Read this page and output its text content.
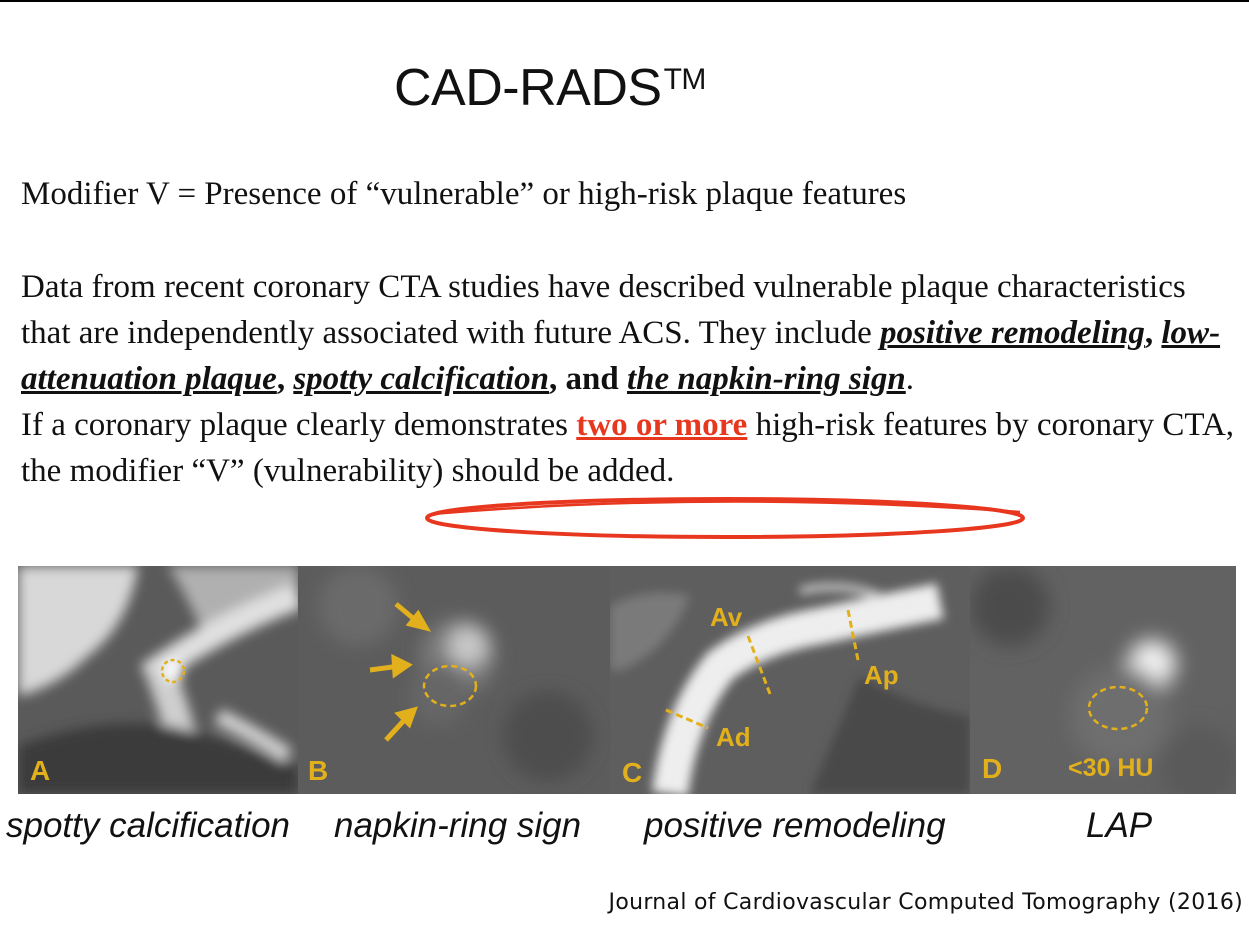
CAD-RADS™
Modifier V = Presence of “vulnerable” or high-risk plaque features
Data from recent coronary CTA studies have described vulnerable plaque characteristics that are independently associated with future ACS. They include positive remodeling, low-attenuation plaque, spotty calcification, and the napkin-ring sign.
If a coronary plaque clearly demonstrates two or more high-risk features by coronary CTA, the modifier “V” (vulnerability) should be added.
A	B
Av
Ap
Ad
C	D	<30 HU
spotty calcification napkin-ring sign positive remodeling	LAP
Journal of Cardiovascular Computed Tomography (2016)
